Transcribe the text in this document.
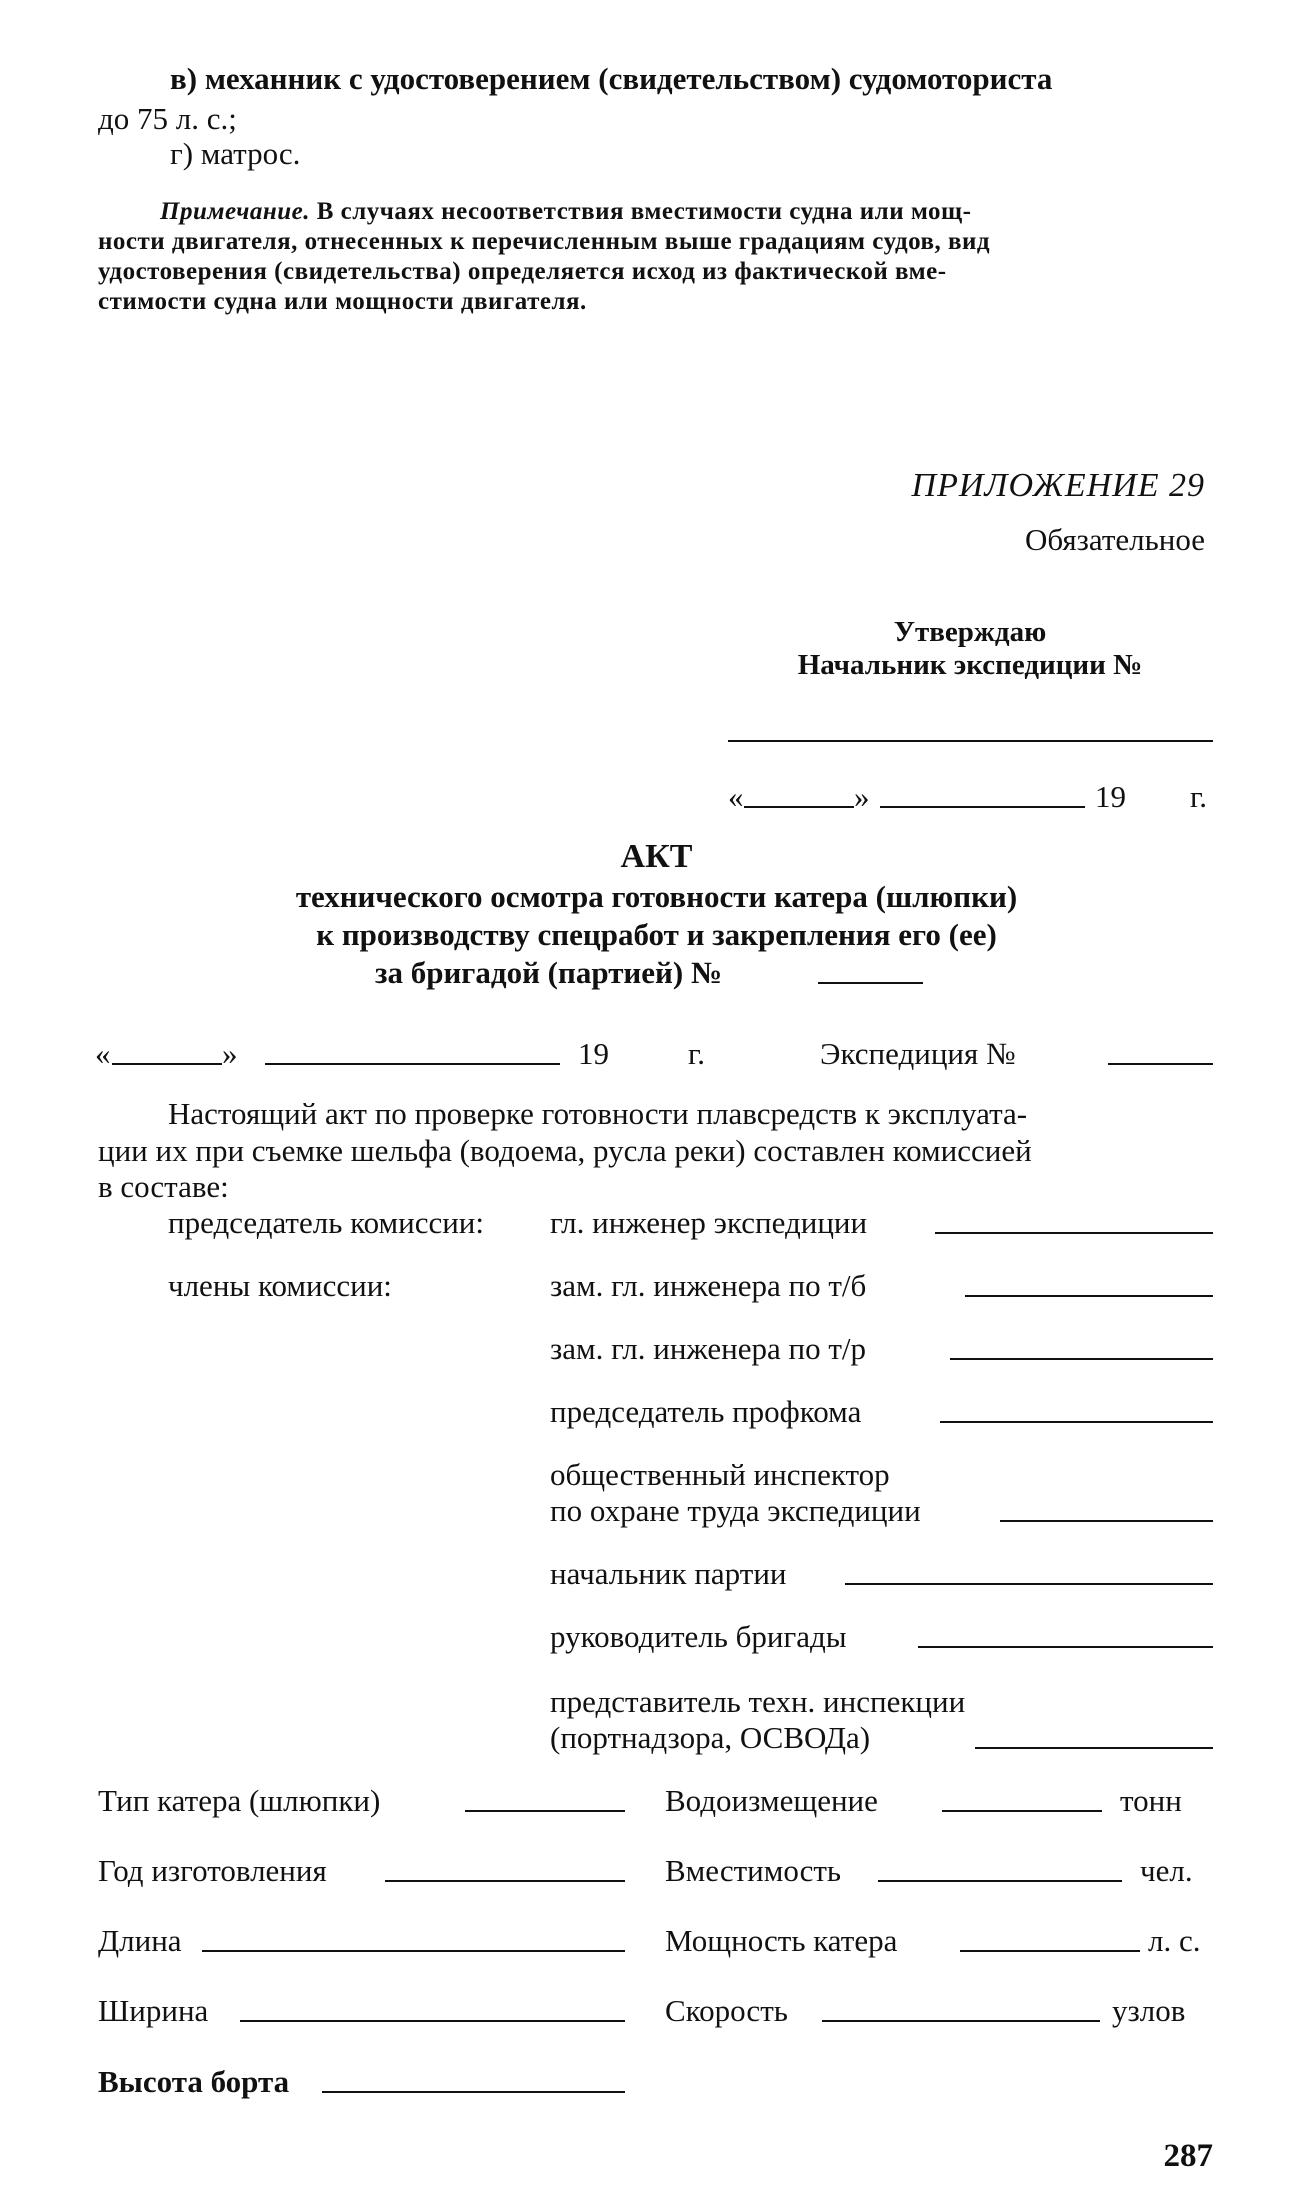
в) механник с удостоверением (свидетельством) судомоториста
до 75 л. с.;
г) матрос.
Примечание. В случаях несоответствия вместимости судна или мощ-
ности двигателя, отнесенных к перечисленным выше градациям судов, вид
удостоверения (свидетельства) определяется исход из фактической вме-
стимости судна или мощности двигателя.
ПРИЛОЖЕНИЕ 29
Обязательное
Утверждаю
Начальник экспедиции №
«	»	19 г.
АКТ
технического осмотра готовности катера (шлюпки)
к производству спецработ и закрепления его (ее)
за бригадой (партией) №
«	»	19	г.	Экспедиция №
Настоящий акт по проверке готовности плавсредств к эксплуата-
ции их при съемке шельфа (водоема, русла реки) составлен комиссией
в составе:
председатель комиссии: гл. инженер экспедиции
члены комиссии:	зам. гл. инженера по т/б
зам. гл. инженера по т/р
председатель профкома
общественный инспектор
по охране труда экспедиции
начальник партии
руководитель бригады
представитель техн. инспекции
(портнадзора, ОСВОДа)
Тип катера (шлюпки)	Водоизмещение	тонн
Год изготовления	Вместимость	чел.
Длина	Мощность катера	л. с.
Ширина	Скорость	узлов
Высота борта
287
